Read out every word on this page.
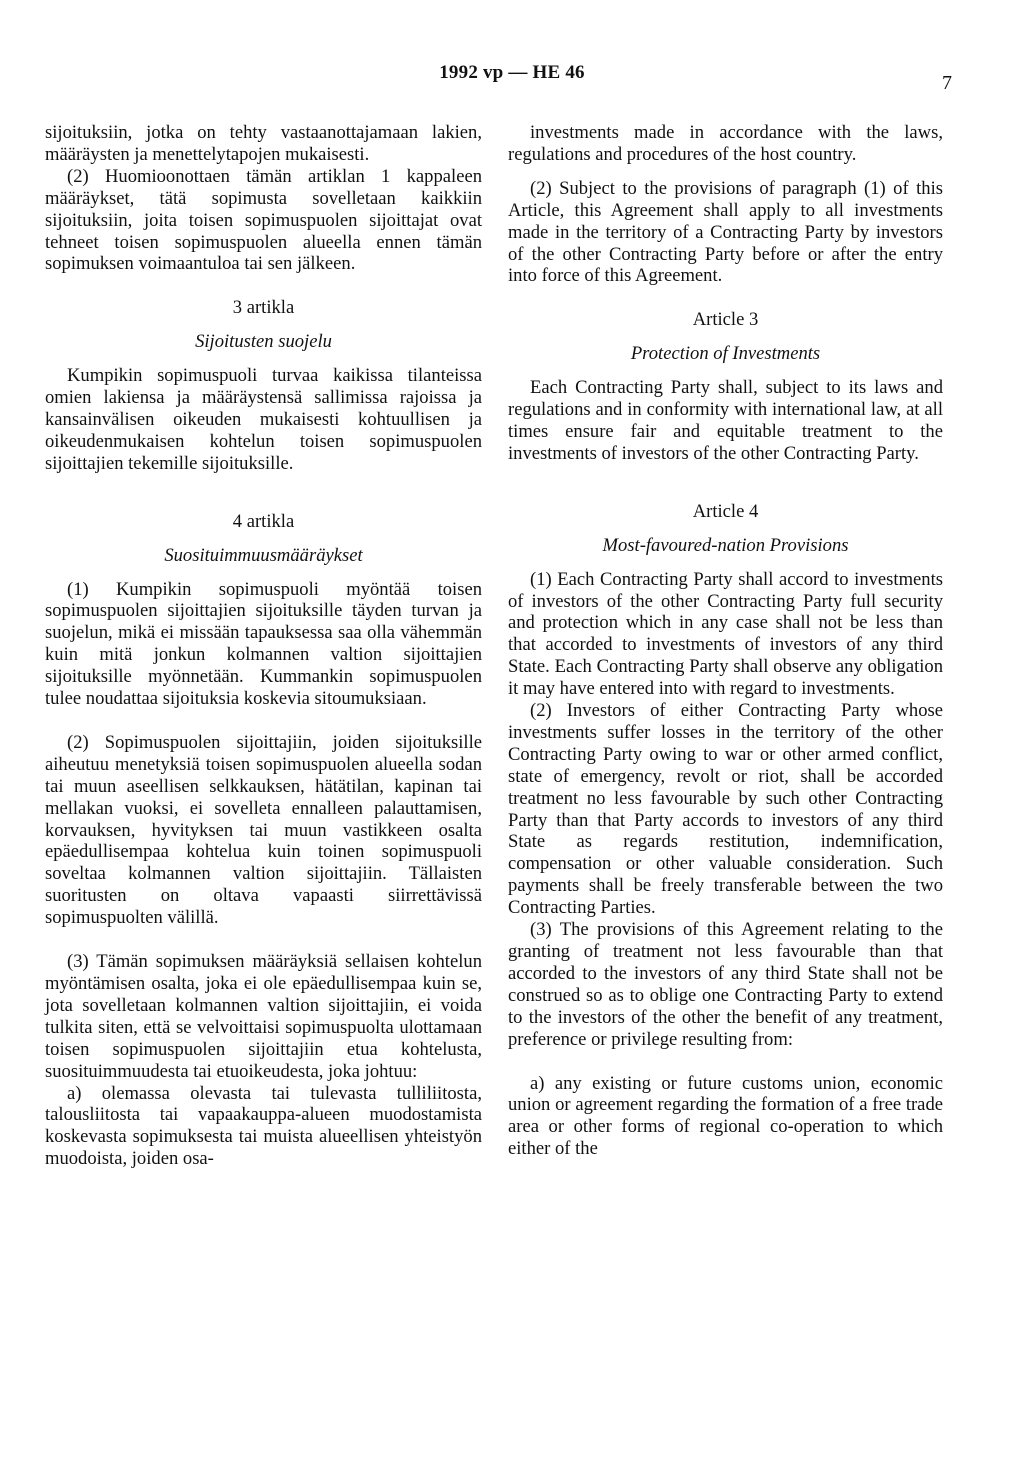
1992 vp — HE 46	7

sijoituksiin, jotka on tehty vastaanottajamaan lakien, määräysten ja menettelytapojen mukaisesti.

(2) Huomioonottaen tämän artiklan 1 kappaleen määräykset, tätä sopimusta sovelletaan kaikkiin sijoituksiin, joita toisen sopimuspuolen sijoittajat ovat tehneet toisen sopimuspuolen alueella ennen tämän sopimuksen voimaantuloa tai sen jälkeen.

3 artikla

Sijoitusten suojelu

Kumpikin sopimuspuoli turvaa kaikissa tilanteissa omien lakiensa ja määräystensä sallimissa rajoissa ja kansainvälisen oikeuden mukaisesti kohtuullisen ja oikeudenmukaisen kohtelun toisen sopimuspuolen sijoittajien tekemille sijoituksille.

4 artikla

Suosituimmuusmääräykset

(1) Kumpikin sopimuspuoli myöntää toisen sopimuspuolen sijoittajien sijoituksille täyden turvan ja suojelun, mikä ei missään tapauksessa saa olla vähemmän kuin mitä jonkun kolmannen valtion sijoittajien sijoituksille myönnetään. Kummankin sopimuspuolen tulee noudattaa sijoituksia koskevia sitoumuksiaan.

(2) Sopimuspuolen sijoittajiin, joiden sijoituksille aiheutuu menetyksiä toisen sopimuspuolen alueella sodan tai muun aseellisen selkkauksen, hätätilan, kapinan tai mellakan vuoksi, ei sovelleta ennalleen palauttamisen, korvauksen, hyvityksen tai muun vastikkeen osalta epäedullisempaa kohtelua kuin toinen sopimuspuoli soveltaa kolmannen valtion sijoittajiin. Tällaisten suoritusten on oltava vapaasti siirrettävissä sopimuspuolten välillä.

(3) Tämän sopimuksen määräyksiä sellaisen kohtelun myöntämisen osalta, joka ei ole epäedullisempaa kuin se, jota sovelletaan kolmannen valtion sijoittajiin, ei voida tulkita siten, että se velvoittaisi sopimuspuolta ulottamaan toisen sopimuspuolen sijoittajiin etua kohtelusta, suosituimmuudesta tai etuoikeudesta, joka johtuu:

a) olemassa olevasta tai tulevasta tulliliitosta, talousliitosta tai vapaakauppa-alueen muodostamista koskevasta sopimuksesta tai muista alueellisen yhteistyön muodoista, joiden osa-

investments made in accordance with the laws, regulations and procedures of the host country.

(2) Subject to the provisions of paragraph (1) of this Article, this Agreement shall apply to all investments made in the territory of a Contracting Party by investors of the other Contracting Party before or after the entry into force of this Agreement.

Article 3

Protection of Investments

Each Contracting Party shall, subject to its laws and regulations and in conformity with international law, at all times ensure fair and equitable treatment to the investments of investors of the other Contracting Party.

Article 4

Most-favoured-nation Provisions

(1) Each Contracting Party shall accord to investments of investors of the other Contracting Party full security and protection which in any case shall not be less than that accorded to investments of investors of any third State. Each Contracting Party shall observe any obligation it may have entered into with regard to investments.

(2) Investors of either Contracting Party whose investments suffer losses in the territory of the other Contracting Party owing to war or other armed conflict, state of emergency, revolt or riot, shall be accorded treatment no less favourable by such other Contracting Party than that Party accords to investors of any third State as regards restitution, indemnification, compensation or other valuable consideration. Such payments shall be freely transferable between the two Contracting Parties.

(3) The provisions of this Agreement relating to the granting of treatment not less favourable than that accorded to the investors of any third State shall not be construed so as to oblige one Contracting Party to extend to the investors of the other the benefit of any treatment, preference or privilege resulting from:

a) any existing or future customs union, economic union or agreement regarding the formation of a free trade area or other forms of regional co-operation to which either of the
